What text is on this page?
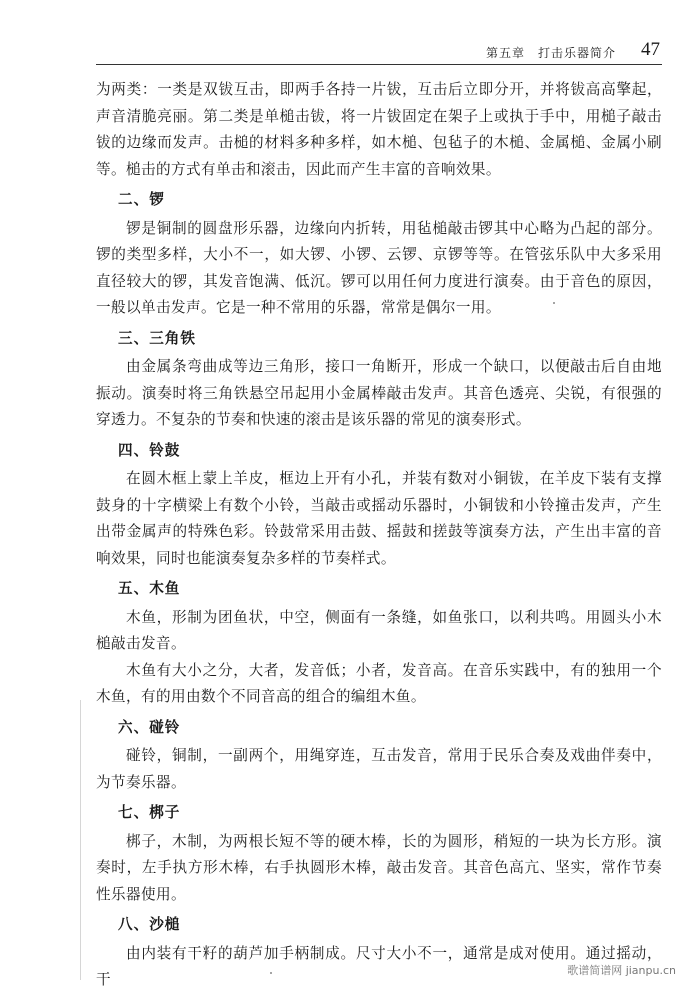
第五章　打击乐器简介 47

为两类：一类是双钹互击，即两手各持一片钹，互击后立即分开，并将钹高高擎起，声音清脆亮丽。第二类是单槌击钹，将一片钹固定在架子上或执于手中，用槌子敲击钹的边缘而发声。击槌的材料多种多样，如木槌、包毡子的木槌、金属槌、金属小刷等。槌击的方式有单击和滚击，因此而产生丰富的音响效果。

二、锣

锣是铜制的圆盘形乐器，边缘向内折转，用毡槌敲击锣其中心略为凸起的部分。锣的类型多样，大小不一，如大锣、小锣、云锣、京锣等等。在管弦乐队中大多采用直径较大的锣，其发音饱满、低沉。锣可以用任何力度进行演奏。由于音色的原因，一般以单击发声。它是一种不常用的乐器，常常是偶尔一用。

三、三角铁

由金属条弯曲成等边三角形，接口一角断开，形成一个缺口，以便敲击后自由地振动。演奏时将三角铁悬空吊起用小金属棒敲击发声。其音色透亮、尖锐，有很强的穿透力。不复杂的节奏和快速的滚击是该乐器的常见的演奏形式。

四、铃鼓

在圆木框上蒙上羊皮，框边上开有小孔，并装有数对小铜钹，在羊皮下装有支撑鼓身的十字横梁上有数个小铃，当敲击或摇动乐器时，小铜钹和小铃撞击发声，产生出带金属声的特殊色彩。铃鼓常采用击鼓、摇鼓和搓鼓等演奏方法，产生出丰富的音响效果，同时也能演奏复杂多样的节奏样式。

五、木鱼

木鱼，形制为团鱼状，中空，侧面有一条缝，如鱼张口，以利共鸣。用圆头小木槌敲击发音。

木鱼有大小之分，大者，发音低；小者，发音高。在音乐实践中，有的独用一个木鱼，有的用由数个不同音高的组合的编组木鱼。

六、碰铃

碰铃，铜制，一副两个，用绳穿连，互击发音，常用于民乐合奏及戏曲伴奏中，为节奏乐器。

七、梆子

梆子，木制，为两根长短不等的硬木棒，长的为圆形，稍短的一块为长方形。演奏时，左手执方形木棒，右手执圆形木棒，敲击发音。其音色高亢、坚实，常作节奏性乐器使用。

八、沙槌

由内装有干籽的葫芦加手柄制成。尺寸大小不一，通常是成对使用。通过摇动，干

歌谱简谱网 jianpu.cn
